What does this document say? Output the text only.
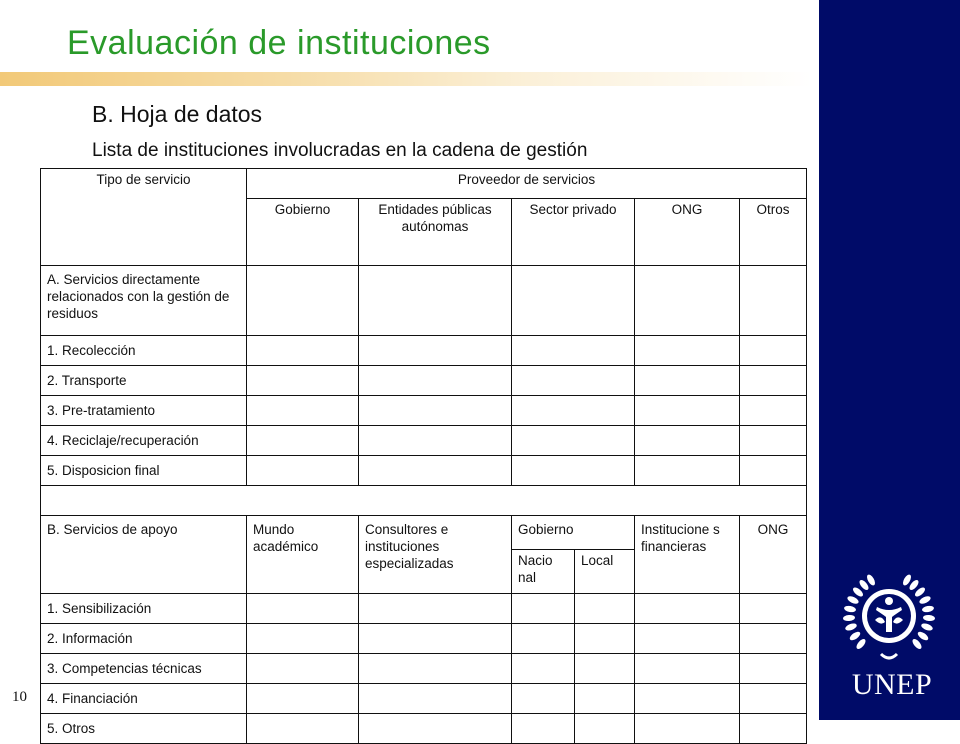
Evaluación de instituciones
B. Hoja de datos
Lista de instituciones involucradas en la cadena de gestión
Tipo de servicio	Proveedor de servicios					
	Gobierno	Entidades públicas autónomas	Sector privado		ONG	Otros
A. Servicios directamente relacionados con la gestión de residuos						
1. Recolección						
2. Transporte						
3. Pre-tratamiento						
4. Reciclaje/recuperación						
5. Disposicion final						

B. Servicios de apoyo	Mundo académico	Consultores e instituciones especializadas	Gobierno		Institucione s financieras	ONG
			Nacio nal	Local		
1. Sensibilización						
2. Información						
3. Competencias técnicas						
4. Financiación						
5. Otros						
10	UNEP
